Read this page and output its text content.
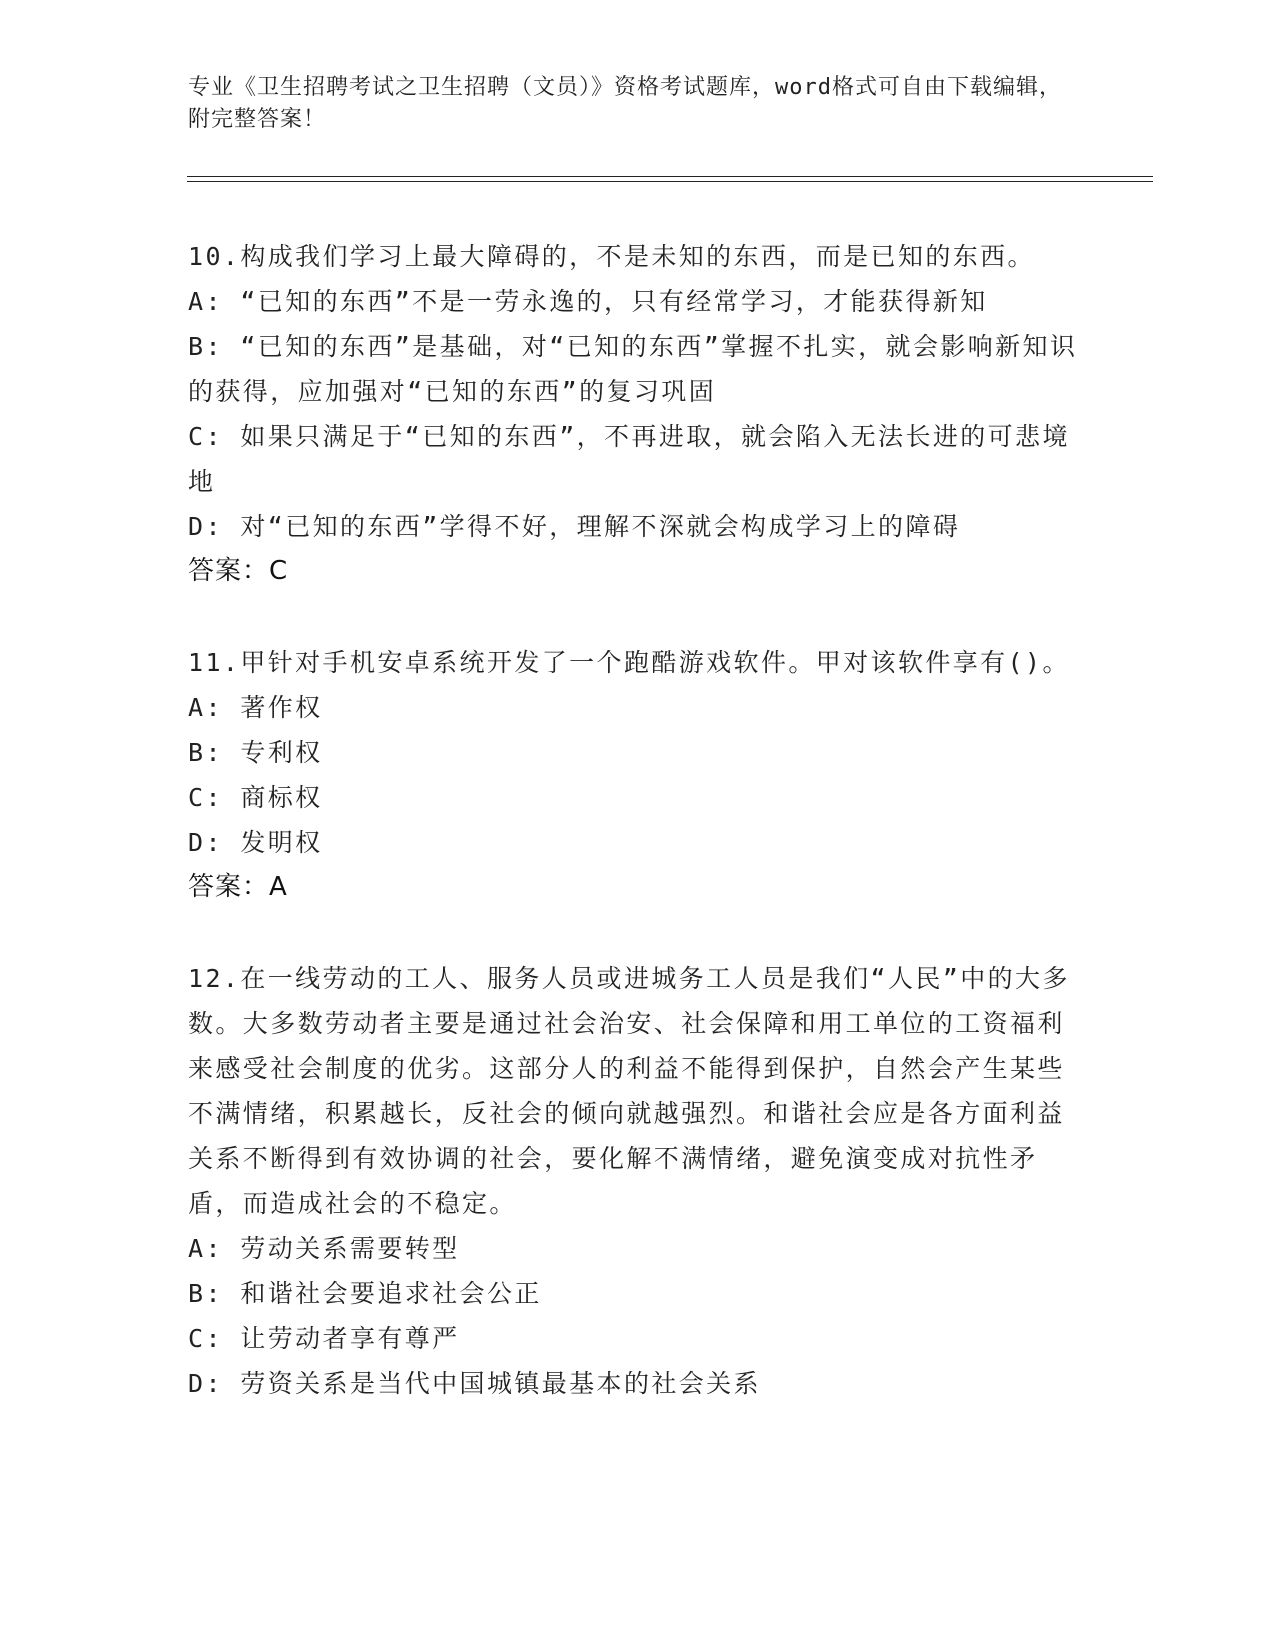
专业《卫生招聘考试之卫生招聘（文员）》资格考试题库，word格式可自由下载编辑，附完整答案！

10.构成我们学习上最大障碍的，不是未知的东西，而是已知的东西。

A: “已知的东西”不是一劳永逸的，只有经常学习，才能获得新知

B: “已知的东西”是基础，对“已知的东西”掌握不扎实，就会影响新知识的获得，应加强对“已知的东西”的复习巩固

C: 如果只满足于“已知的东西”，不再进取，就会陷入无法长进的可悲境地

D: 对“已知的东西”学得不好，理解不深就会构成学习上的障碍

答案：C

11.甲针对手机安卓系统开发了一个跑酷游戏软件。甲对该软件享有()。

A: 著作权

B: 专利权

C: 商标权

D: 发明权

答案：A

12.在一线劳动的工人、服务人员或进城务工人员是我们“人民”中的大多数。大多数劳动者主要是通过社会治安、社会保障和用工单位的工资福利来感受社会制度的优劣。这部分人的利益不能得到保护，自然会产生某些不满情绪，积累越长，反社会的倾向就越强烈。和谐社会应是各方面利益关系不断得到有效协调的社会，要化解不满情绪，避免演变成对抗性矛盾，而造成社会的不稳定。

A: 劳动关系需要转型

B: 和谐社会要追求社会公正

C: 让劳动者享有尊严

D: 劳资关系是当代中国城镇最基本的社会关系
